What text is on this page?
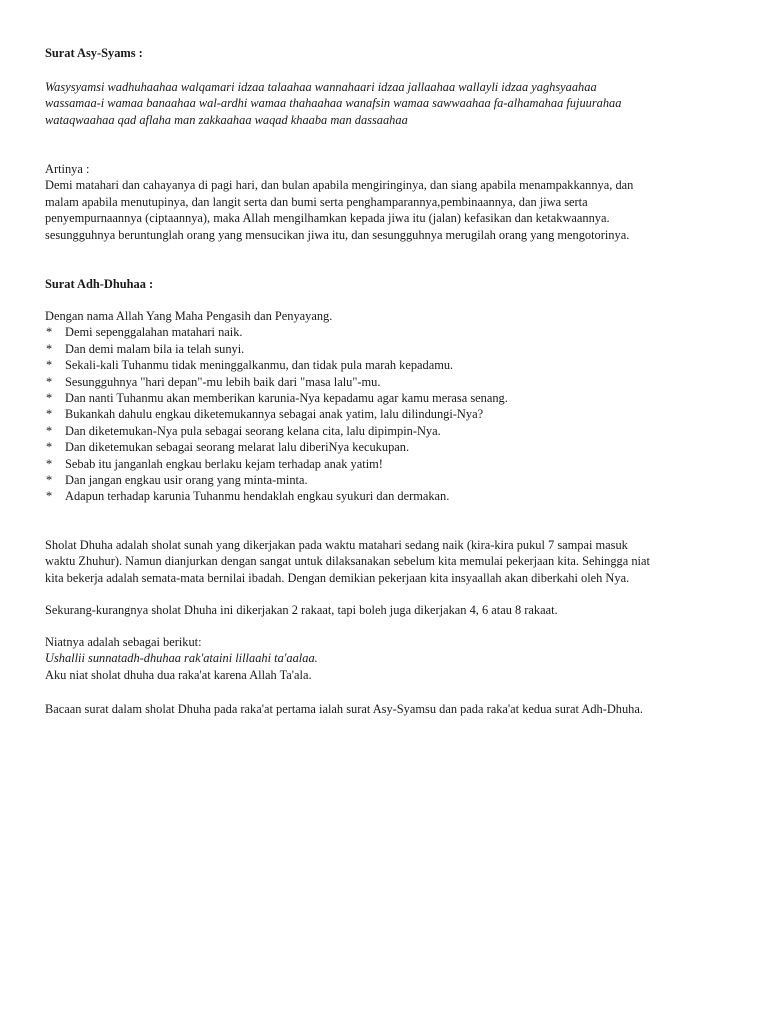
Surat Asy-Syams :

Wasysyamsi wadhuhaahaa walqamari idzaa talaahaa wannahaari idzaa jallaahaa wallayli idzaa yaghsyaahaa

wassamaa-i wamaa banaahaa wal-ardhi wamaa thahaahaa wanafsin wamaa sawwaahaa fa-alhamahaa fujuurahaa

wataqwaahaa qad aflaha man zakkaahaa waqad khaaba man dassaahaa

Artinya :

Demi matahari dan cahayanya di pagi hari, dan bulan apabila mengiringinya, dan siang apabila menampakkannya, dan

malam apabila menutupinya, dan langit serta dan bumi serta penghamparannya,pembinaannya, dan jiwa serta

penyempurnaannya (ciptaannya), maka Allah mengilhamkan kepada jiwa itu (jalan) kefasikan dan ketakwaannya.

sesungguhnya beruntunglah orang yang mensucikan jiwa itu, dan sesungguhnya merugilah orang yang mengotorinya.

Surat Adh-Dhuhaa :

Dengan nama Allah Yang Maha Pengasih dan Penyayang.

* Demi sepenggalahan matahari naik.
* Dan demi malam bila ia telah sunyi.
* Sekali-kali Tuhanmu tidak meninggalkanmu, dan tidak pula marah kepadamu.
* Sesungguhnya "hari depan"-mu lebih baik dari "masa lalu"-mu.
* Dan nanti Tuhanmu akan memberikan karunia-Nya kepadamu agar kamu merasa senang.
* Bukankah dahulu engkau diketemukannya sebagai anak yatim, lalu dilindungi-Nya?
* Dan diketemukan-Nya pula sebagai seorang kelana cita, lalu dipimpin-Nya.
* Dan diketemukan sebagai seorang melarat lalu diberiNya kecukupan.
* Sebab itu janganlah engkau berlaku kejam terhadap anak yatim!
* Dan jangan engkau usir orang yang minta-minta.
* Adapun terhadap karunia Tuhanmu hendaklah engkau syukuri dan dermakan.

Sholat Dhuha adalah sholat sunah yang dikerjakan pada waktu matahari sedang naik (kira-kira pukul 7 sampai masuk

waktu Zhuhur). Namun dianjurkan dengan sangat untuk dilaksanakan sebelum kita memulai pekerjaan kita. Sehingga niat

kita bekerja adalah semata-mata bernilai ibadah. Dengan demikian pekerjaan kita insyaallah akan diberkahi oleh Nya.

Sekurang-kurangnya sholat Dhuha ini dikerjakan 2 rakaat, tapi boleh juga dikerjakan 4, 6 atau 8 rakaat.

Niatnya adalah sebagai berikut:

Ushallii sunnatadh-dhuhaa rak'ataini lillaahi ta'aalaa.

Aku niat sholat dhuha dua raka'at karena Allah Ta'ala.

Bacaan surat dalam sholat Dhuha pada raka'at pertama ialah surat Asy-Syamsu dan pada raka'at kedua surat Adh-Dhuha.
